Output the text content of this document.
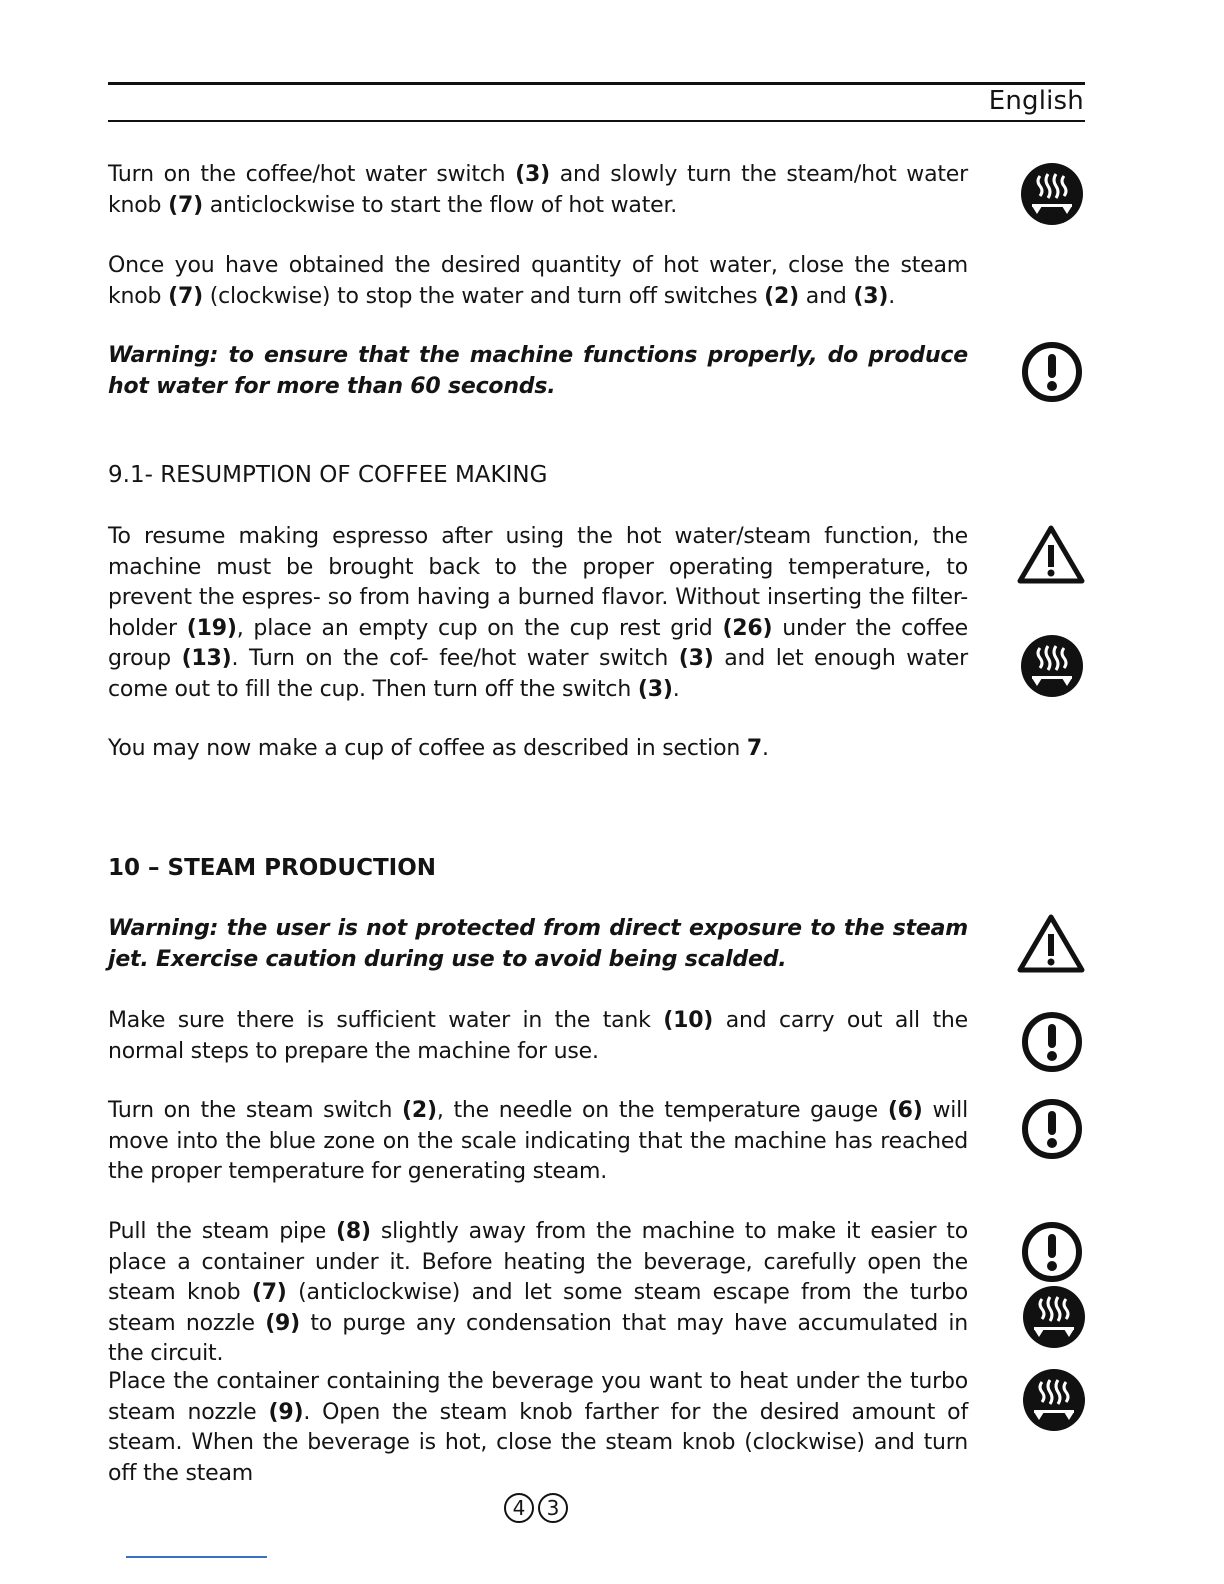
English
Turn on the coffee/hot water switch (3) and slowly turn the steam/hot water knob (7) anticlockwise to start the flow of hot water.
Once you have obtained the desired quantity of hot water, close the steam knob (7) (clockwise) to stop the water and turn off switches (2) and (3).
Warning: to ensure that the machine functions properly, do produce hot water for more than 60 seconds.
9.1- RESUMPTION OF COFFEE MAKING
To resume making espresso after using the hot water/steam function, the machine must be brought back to the proper operating temperature, to prevent the espres- so from having a burned flavor. Without inserting the filter-holder (19), place an empty cup on the cup rest grid (26) under the coffee group (13). Turn on the cof- fee/hot water switch (3) and let enough water come out to fill the cup. Then turn off the switch (3).
You may now make a cup of coffee as described in section 7.
10 – STEAM PRODUCTION
Warning: the user is not protected from direct exposure to the steam jet. Exercise caution during use to avoid being scalded.
Make sure there is sufficient water in the tank (10) and carry out all the normal steps to prepare the machine for use.
Turn on the steam switch (2), the needle on the temperature gauge (6) will move into the blue zone on the scale indicating that the machine has reached the proper temperature for generating steam.
Pull the steam pipe (8) slightly away from the machine to make it easier to place a container under it. Before heating the beverage, carefully open the steam knob (7) (anticlockwise) and let some steam escape from the turbo steam nozzle (9) to purge any condensation that may have accumulated in the circuit.
Place the container containing the beverage you want to heat under the turbo steam nozzle (9). Open the steam knob farther for the desired amount of steam. When the beverage is hot, close the steam knob (clockwise) and turn off the steam
4	3
